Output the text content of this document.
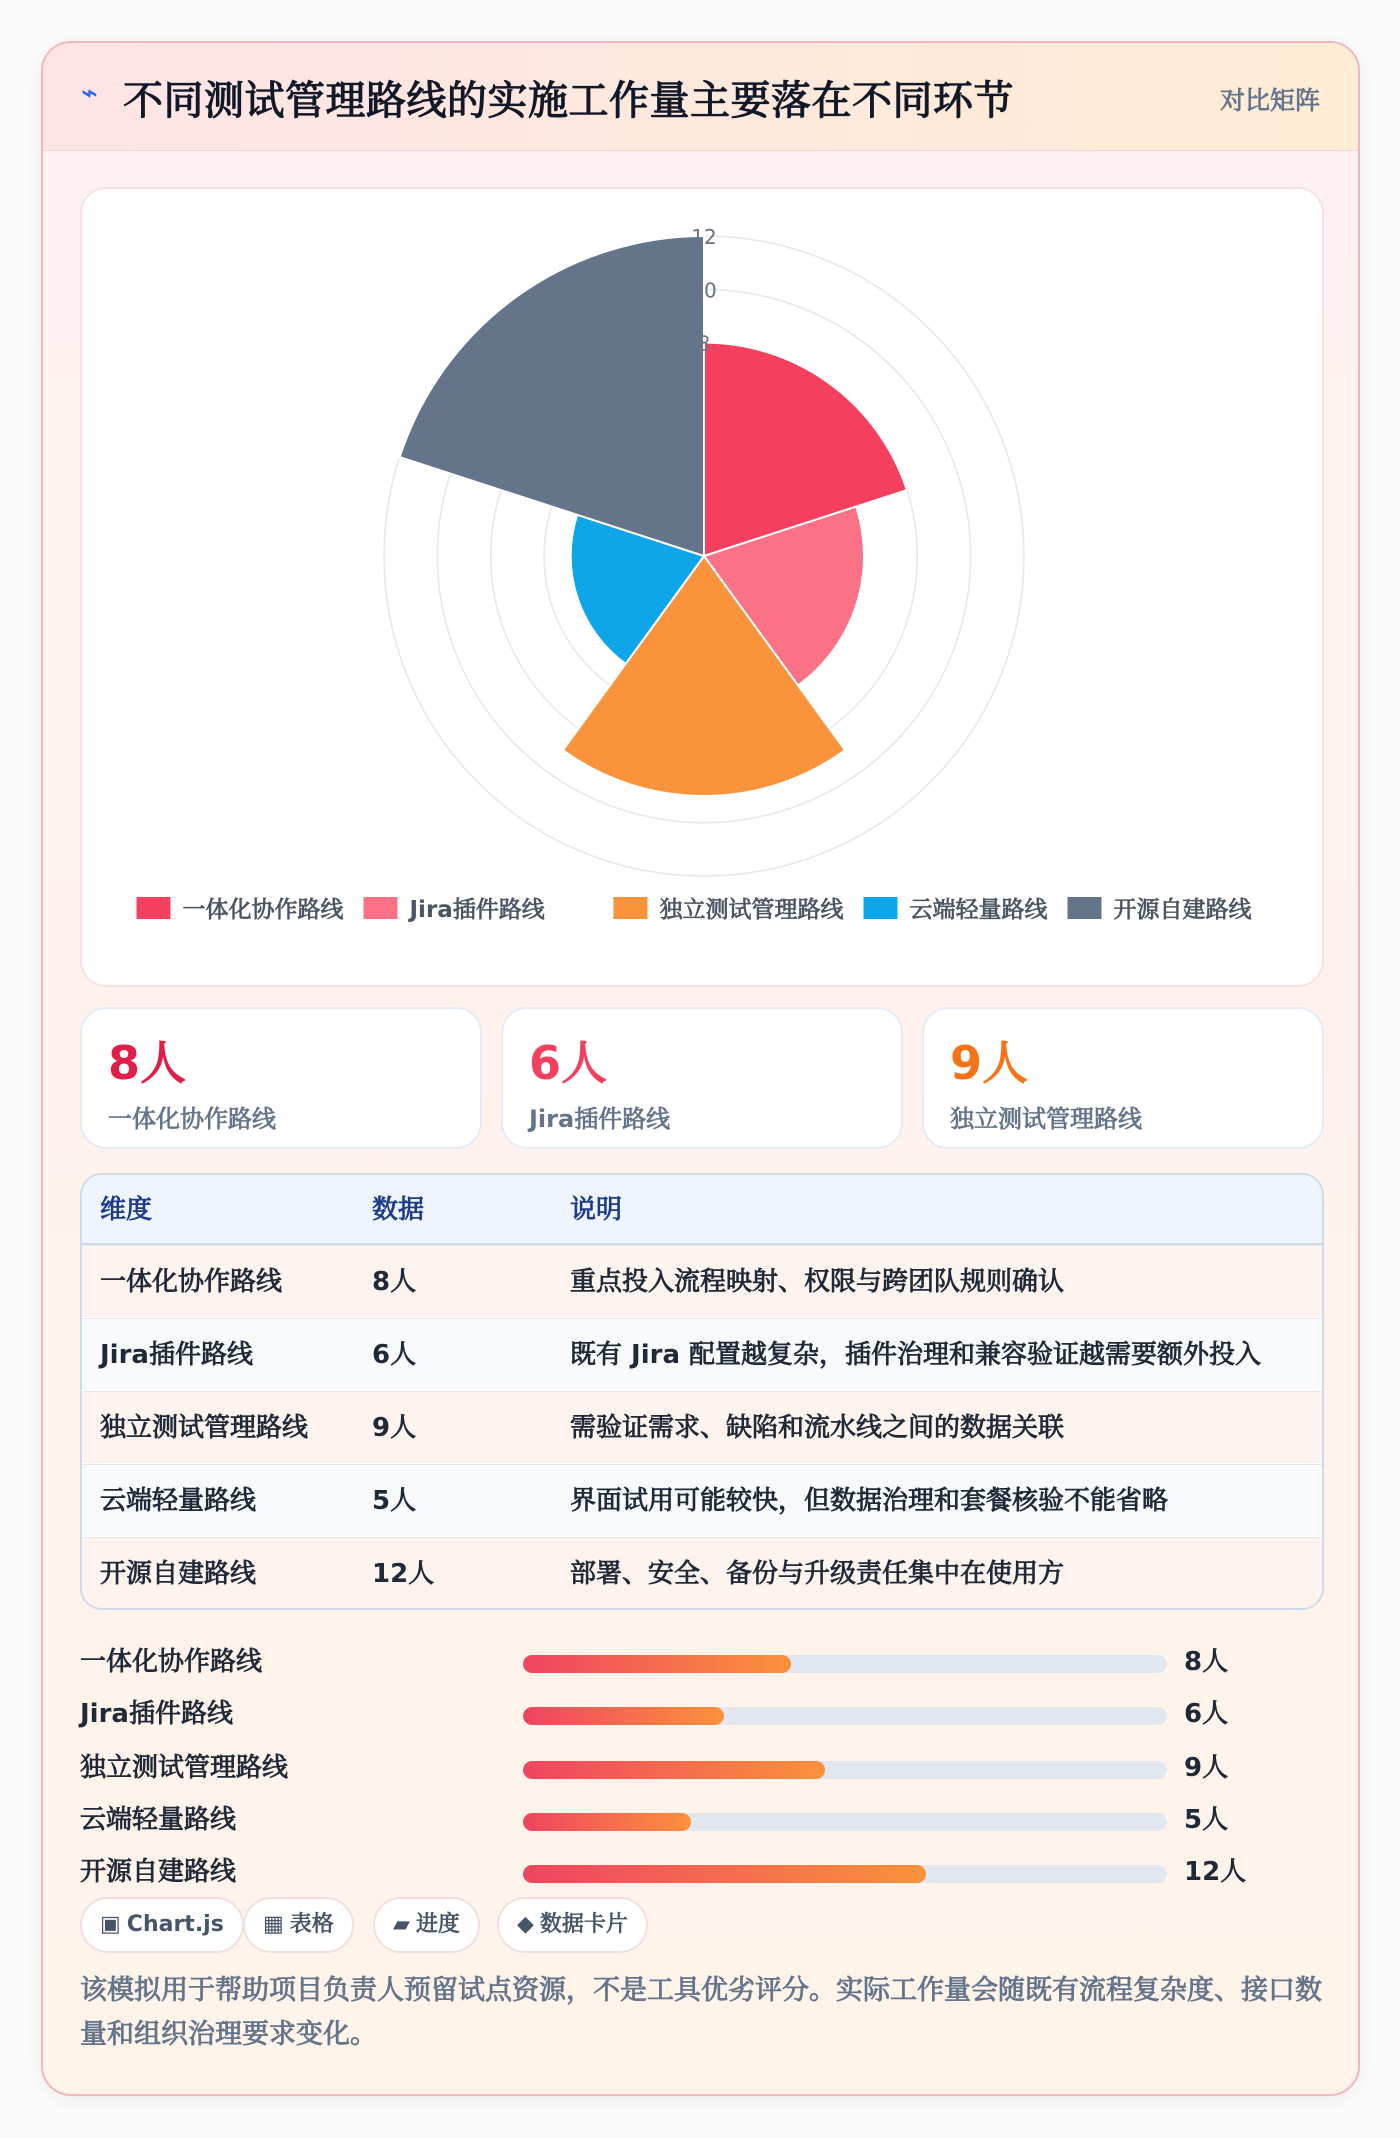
⌁ 不同测试管理路线的实施工作量主要落在不同环节	对比矩阵
12
10
8
一体化协作路线	Jira插件路线	独立测试管理路线	云端轻量路线	开源自建路线
8人
一体化协作路线
6人
Jira插件路线
9人
独立测试管理路线
维度	数据	说明
一体化协作路线	8人	重点投入流程映射、权限与跨团队规则确认
Jira插件路线	6人	既有 Jira 配置越复杂，插件治理和兼容验证越需要额外投入
独立测试管理路线 9人	需验证需求、缺陷和流水线之间的数据关联
云端轻量路线	5人	界面试用可能较快，但数据治理和套餐核验不能省略
开源自建路线	12人	部署、安全、备份与升级责任集中在使用方
一体化协作路线	8人
Jira插件路线	6人
独立测试管理路线	9人
云端轻量路线	5人
开源自建路线	12人
▣ Chart.js	▦ 表格	▰ 进度	◆ 数据卡片
该模拟用于帮助项目负责人预留试点资源，不是工具优劣评分。实际工作量会随既有流程复杂度、接口数量和组织治理要求变化。
